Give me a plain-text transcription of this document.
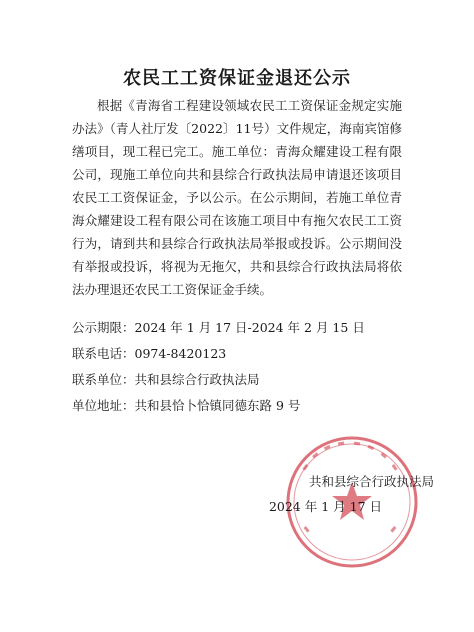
农民工工资保证金退还公示

根据《青海省工程建设领域农民工工资保证金规定实施办法》（青人社厅发〔2022〕11号）文件规定，海南宾馆修缮项目，现工程已完工。施工单位：青海众耀建设工程有限公司，现施工单位向共和县综合行政执法局申请退还该项目农民工工资保证金，予以公示。在公示期间，若施工单位青海众耀建设工程有限公司在该施工项目中有拖欠农民工工资行为，请到共和县综合行政执法局举报或投诉。公示期间没有举报或投诉，将视为无拖欠，共和县综合行政执法局将依法办理退还农民工工资保证金手续。

公示期限：2024 年 1 月 17 日-2024 年 2 月 15 日
联系电话：0974-8420123
联系单位：共和县综合行政执法局
单位地址：共和县恰卜恰镇同德东路 9 号
共和县综合行政执法局
2024 年 1 月 17 日
